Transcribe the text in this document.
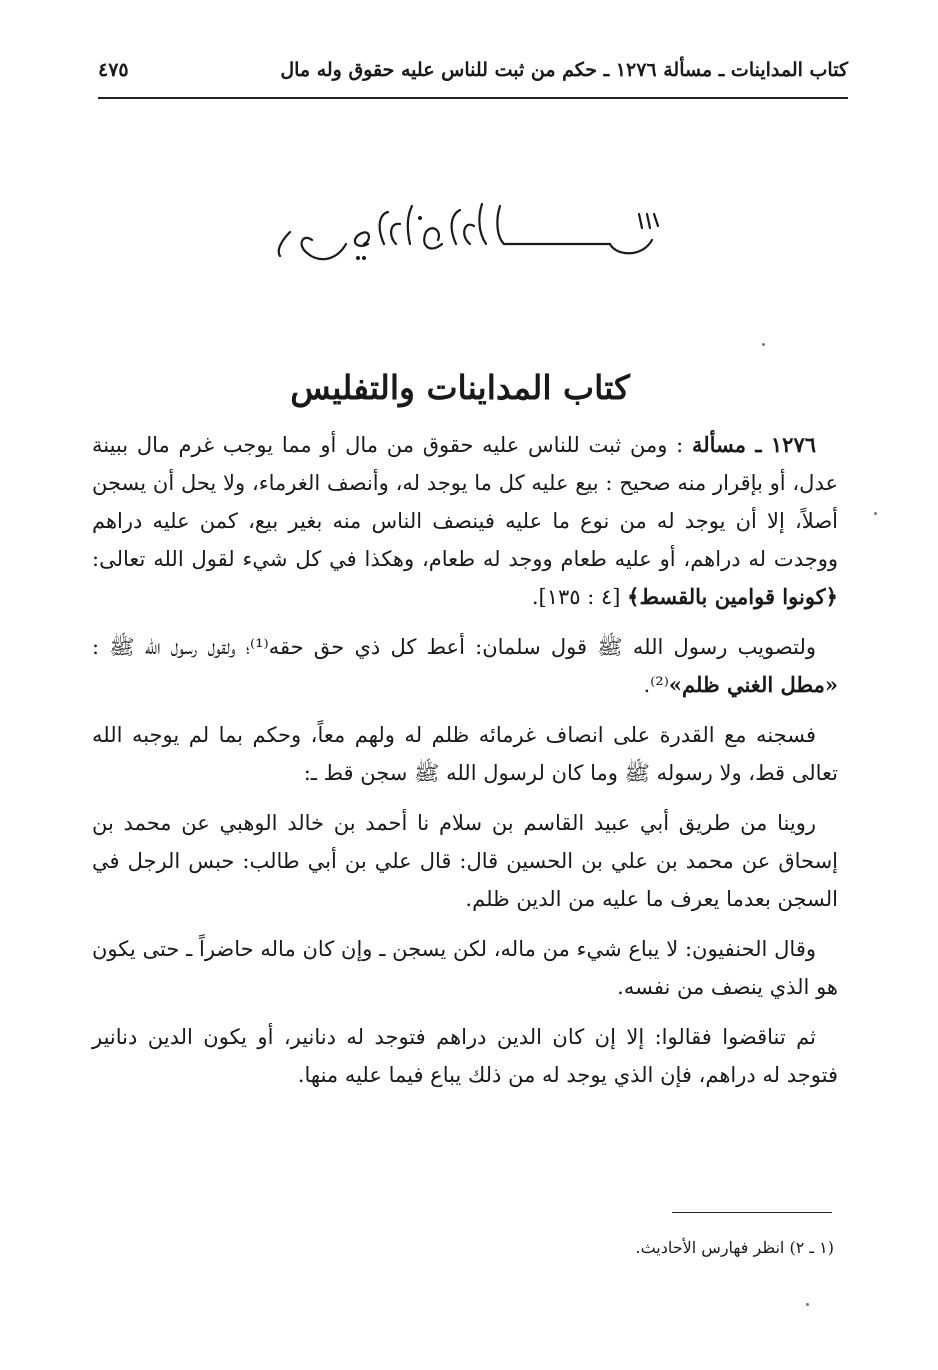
كتاب المداينات ـ مسألة ١٢٧٦ ـ حكم من ثبت للناس عليه حقوق وله مال
٤٧٥
كتاب المداينات والتفليس

١٢٧٦ ـ مسألة : ومن ثبت للناس عليه حقوق من مال أو مما يوجب غرم مال ببينة عدل، أو بإقرار منه صحيح : بيع عليه كل ما يوجد له، وأنصف الغرماء، ولا يحل أن يسجن أصلاً، إلا أن يوجد له من نوع ما عليه فينصف الناس منه بغير بيع، كمن عليه دراهم ووجدت له دراهم، أو عليه طعام ووجد له طعام، وهكذا في كل شيء لقول الله تعالى: ﴿كونوا قوامين بالقسط﴾ [٤ : ١٣٥].

ولتصويب رسول الله ﷺ قول سلمان: أعط كل ذي حق حقه⁽¹⁾؛ ولقول رسول الله ﷺ : «مطل الغني ظلم»⁽²⁾.

فسجنه مع القدرة على انصاف غرمائه ظلم له ولهم معاً، وحكم بما لم يوجبه الله تعالى قط، ولا رسوله ﷺ وما كان لرسول الله ﷺ سجن قط ـ:

روينا من طريق أبي عبيد القاسم بن سلام نا أحمد بن خالد الوهبي عن محمد بن إسحاق عن محمد بن علي بن الحسين قال: قال علي بن أبي طالب: حبس الرجل في السجن بعدما يعرف ما عليه من الدين ظلم.

وقال الحنفيون: لا يباع شيء من ماله، لكن يسجن ـ وإن كان ماله حاضراً ـ حتى يكون هو الذي ينصف من نفسه.

ثم تناقضوا فقالوا: إلا إن كان الدين دراهم فتوجد له دنانير، أو يكون الدين دنانير فتوجد له دراهم، فإن الذي يوجد له من ذلك يباع فيما عليه منها.

(١ ـ ٢) انظر فهارس الأحاديث.
